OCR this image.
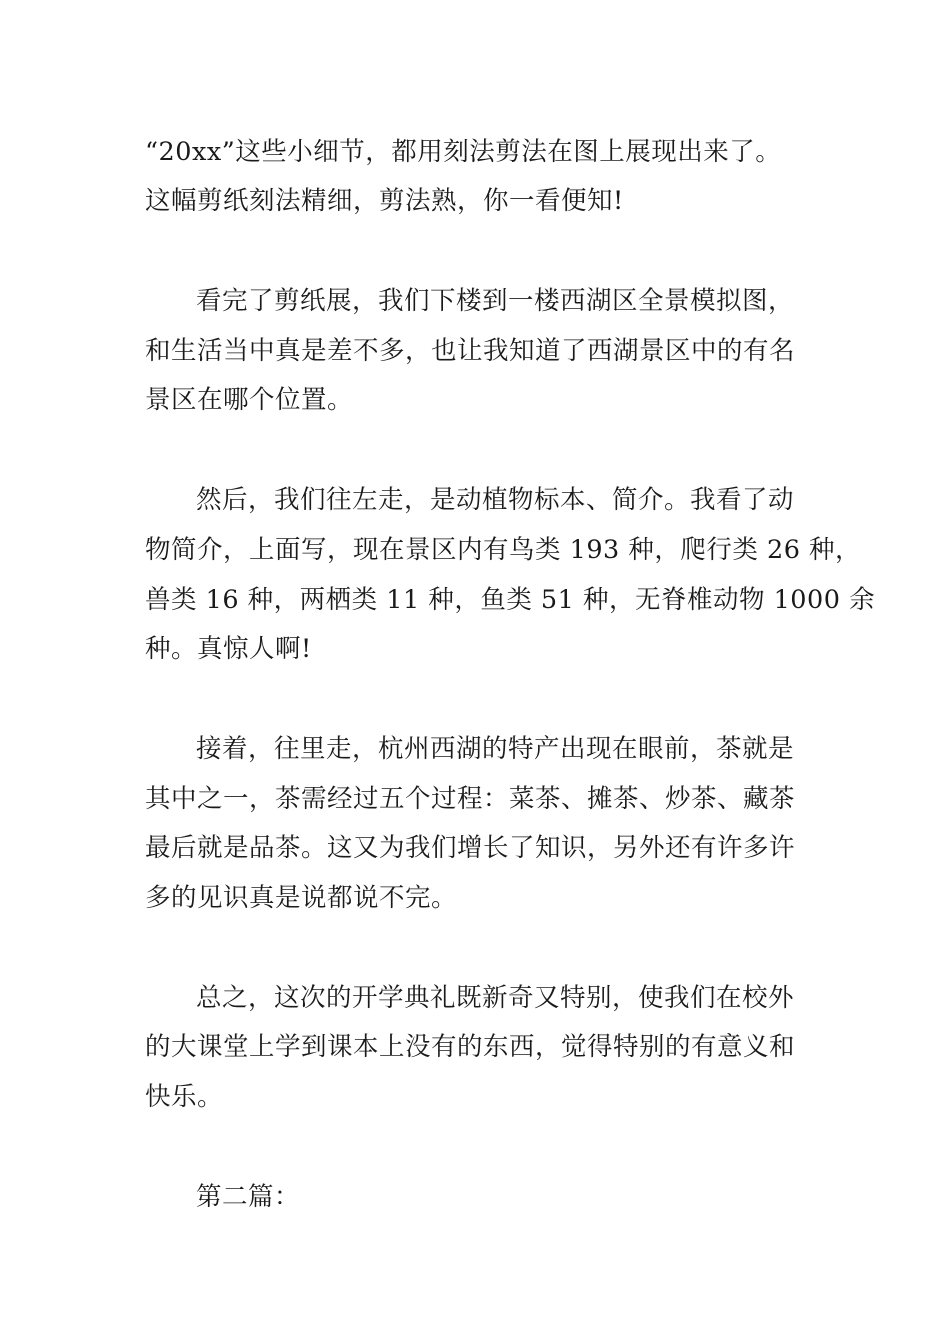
“20xx”这些小细节，都用刻法剪法在图上展现出来了。
这幅剪纸刻法精细，剪法熟，你一看便知!
看完了剪纸展，我们下楼到一楼西湖区全景模拟图，
和生活当中真是差不多，也让我知道了西湖景区中的有名
景区在哪个位置。
然后，我们往左走，是动植物标本、简介。我看了动
物简介，上面写，现在景区内有鸟类 193 种，爬行类 26 种，
兽类 16 种，两栖类 11 种，鱼类 51 种，无脊椎动物 1000 余
种。真惊人啊!
接着，往里走，杭州西湖的特产出现在眼前，茶就是
其中之一，茶需经过五个过程：菜茶、摊茶、炒茶、藏茶
最后就是品茶。这又为我们增长了知识，另外还有许多许
多的见识真是说都说不完。
总之，这次的开学典礼既新奇又特别，使我们在校外
的大课堂上学到课本上没有的东西，觉得特别的有意义和
快乐。
第二篇：
